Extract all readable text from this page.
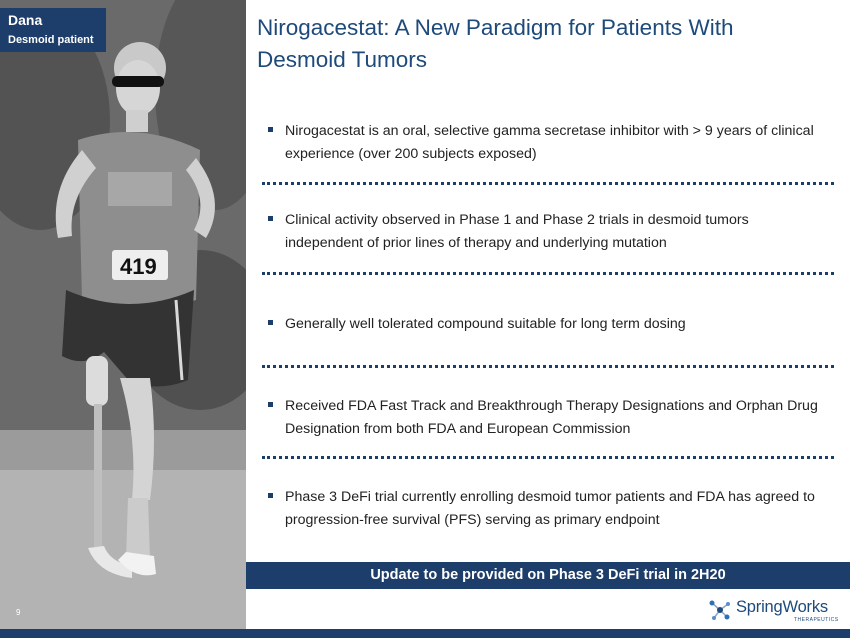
419
Dana
Desmoid patient	Nirogacestat: A New Paradigm for Patients With Desmoid Tumors
Nirogacestat is an oral, selective gamma secretase inhibitor with > 9 years of clinical experience (over 200 subjects exposed)
Clinical activity observed in Phase 1 and Phase 2 trials in desmoid tumors independent of prior lines of therapy and underlying mutation
Generally well tolerated compound suitable for long term dosing
Received FDA Fast Track and Breakthrough Therapy Designations and Orphan Drug Designation from both FDA and European Commission
Phase 3 DeFi trial currently enrolling desmoid tumor patients and FDA has agreed to progression-free survival (PFS) serving as primary endpoint
Update to be provided on Phase 3 DeFi trial in 2H20
9	SpringWorks
THERAPEUTICS
